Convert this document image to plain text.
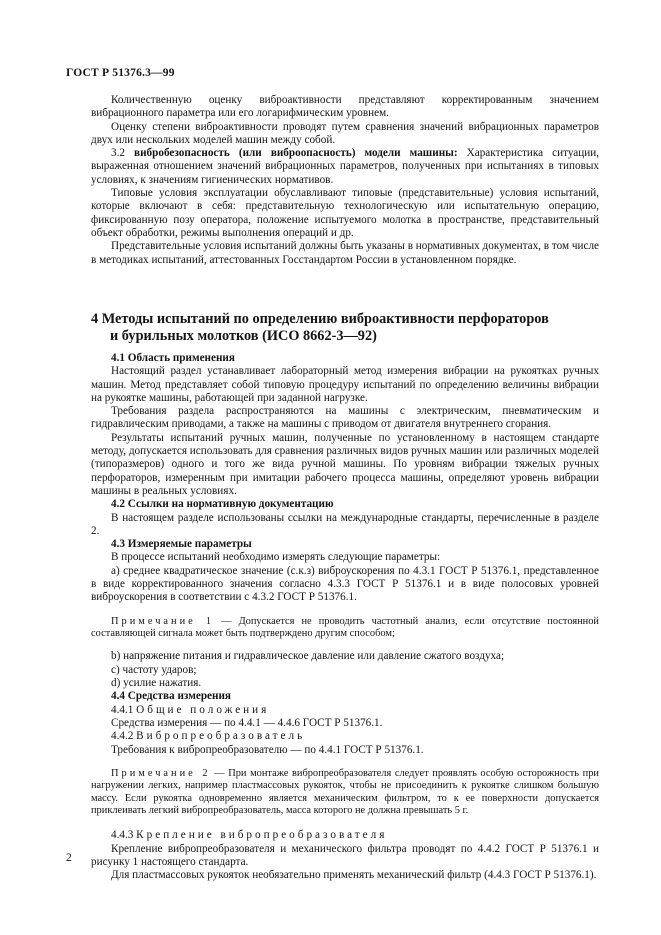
ГОСТ Р 51376.3—99

Количественную оценку виброактивности представляют корректированным значением вибрационного параметра или его логарифмическим уровнем.

Оценку степени виброактивности проводят путем сравнения значений вибрационных параметров двух или нескольких моделей машин между собой.

3.2 вибробезопасность (или виброопасность) модели машины: Характеристика ситуации, выраженная отношением значений вибрационных параметров, полученных при испытаниях в типовых условиях, к значениям гигиенических нормативов.

Типовые условия эксплуатации обуславливают типовые (представительные) условия испытаний, которые включают в себя: представительную технологическую или испытательную операцию, фиксированную позу оператора, положение испытуемого молотка в пространстве, представительный объект обработки, режимы выполнения операций и др.

Представительные условия испытаний должны быть указаны в нормативных документах, в том числе в методиках испытаний, аттестованных Госстандартом России в установленном порядке.

4 Методы испытаний по определению виброактивности перфораторов
и бурильных молотков (ИСО 8662-3—92)

4.1 Область применения

Настоящий раздел устанавливает лабораторный метод измерения вибрации на рукоятках ручных машин. Метод представляет собой типовую процедуру испытаний по определению величины вибрации на рукоятке машины, работающей при заданной нагрузке.

Требования раздела распространяются на машины с электрическим, пневматическим и гидравлическим приводами, а также на машины с приводом от двигателя внутреннего сгорания.

Результаты испытаний ручных машин, полученные по установленному в настоящем стандарте методу, допускается использовать для сравнения различных видов ручных машин или различных моделей (типоразмеров) одного и того же вида ручной машины. По уровням вибрации тяжелых ручных перфораторов, измеренным при имитации рабочего процесса машины, определяют уровень вибрации машины в реальных условиях.

4.2 Ссылки на нормативную документацию

В настоящем разделе использованы ссылки на международные стандарты, перечисленные в разделе 2.

4.3 Измеряемые параметры

В процессе испытаний необходимо измерять следующие параметры:

а) среднее квадратическое значение (с.к.з) виброускорения по 4.3.1 ГОСТ Р 51376.1, представленное в виде корректированного значения согласно 4.3.3 ГОСТ Р 51376.1 и в виде полосовых уровней виброускорения в соответствии с 4.3.2 ГОСТ Р 51376.1.

Примечание 1 — Допускается не проводить частотный анализ, если отсутствие постоянной составляющей сигнала может быть подтверждено другим способом;

b) напряжение питания и гидравлическое давление или давление сжатого воздуха;

c) частоту ударов;

d) усилие нажатия.

4.4 Средства измерения

4.4.1 Общие положения

Средства измерения — по 4.4.1 — 4.4.6 ГОСТ Р 51376.1.

4.4.2 Вибропреобразователь

Требования к вибропреобразователю — по 4.4.1 ГОСТ Р 51376.1.

Примечание 2 — При монтаже вибропреобразователя следует проявлять особую осторожность при нагружении легких, например пластмассовых рукояток, чтобы не присоединить к рукоятке слишком большую массу. Если рукоятка одновременно является механическим фильтром, то к ее поверхности допускается приклеивать легкий вибропреобразователь, масса которого не должна превышать 5 г.

4.4.3 Крепление вибропреобразователя

Крепление вибропреобразователя и механического фильтра проводят по 4.4.2 ГОСТ Р 51376.1 и рисунку 1 настоящего стандарта.

Для пластмассовых рукояток необязательно применять механический фильтр (4.4.3 ГОСТ Р 51376.1).

2
